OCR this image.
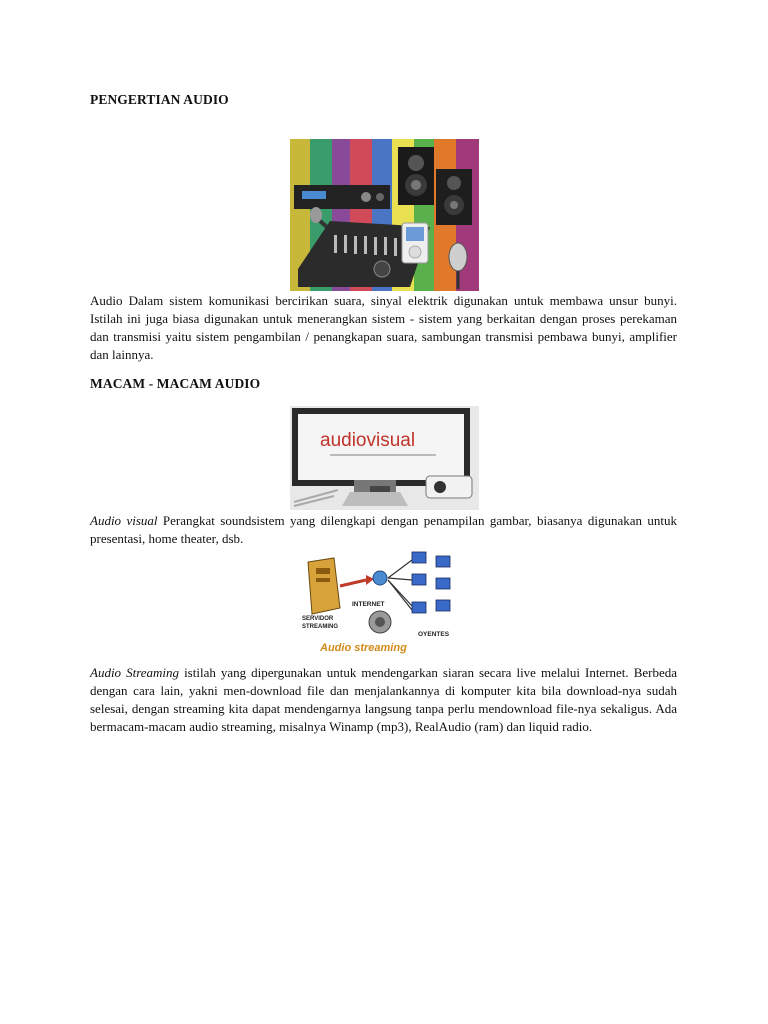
PENGERTIAN AUDIO

Audio Dalam sistem komunikasi bercirikan suara, sinyal elektrik digunakan untuk membawa unsur bunyi. Istilah ini juga biasa digunakan untuk menerangkan sistem - sistem yang berkaitan dengan proses perekaman dan transmisi yaitu sistem pengambilan / penangkapan suara, sambungan transmisi pembawa bunyi, amplifier dan lainnya.

MACAM - MACAM AUDIO
audiovisual

Audio visual Perangkat soundsistem yang dilengkapi dengan penampilan gambar, biasanya digunakan untuk presentasi, home theater, dsb.

SERVIDOR
STREAMING
INTERNET
OYENTES
Audio streaming

Audio Streaming istilah yang dipergunakan untuk mendengarkan siaran secara live melalui Internet. Berbeda dengan cara lain, yakni men-download file dan menjalankannya di komputer kita bila download-nya sudah selesai, dengan streaming kita dapat mendengarnya langsung tanpa perlu mendownload file-nya sekaligus. Ada bermacam-macam audio streaming, misalnya Winamp (mp3), RealAudio (ram) dan liquid radio.
